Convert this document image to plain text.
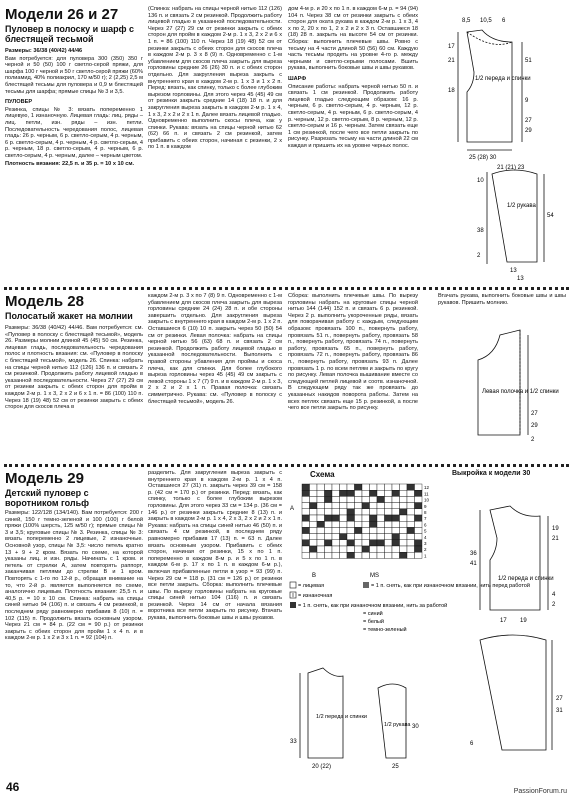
Модели 26 и 27
Пуловер в полоску и шарф с блестящей тесьмой

Размеры: 36/38 (40/42) 44/46

Вам потребуется: для пуловера 300 (350) 350 г черной и 50 (50) 100 г светло-серой пряжи, для шарфа 100 г черной и 50 г светло-серой пряжи (60% полиамид, 40% полиакрил, 170 м/50 г); 2 (2,25) 2,5 м блестящей тесьмы для пуловера и 0,9 м блестящей тесьмы для шарфа; прямые спицы № 3 и 3,5.

ПУЛОВЕР

Резинка, спицы № 3: вязать попеременно 1 лицевую, 1 изнаночную. Лицевая гладь: лиц. ряды – лиц. петли, изн. ряды – изн. петли. Последовательность чередования полос, лицевая гладь: 26 р. черным, 6 р. светло-серым, 4 р. черным, 6 р. светло-серым, 4 р. черным, 4 р. светло-серым, 4 р. черным, 18 р. светло-серым, 4 р. черным, 6 р. светло-серым, 4 р. черным, далее – черным цветом.

Плотность вязания: 22,5 п. и 35 р. = 10 х 10 см.

(Спинка: набрать на спицы черной нитью 112 (126) 136 п. и связать 2 см резинкой. Продолжить работу лицевой гладью в указанной последовательности. Через 27 (27) 29 см от резинки закрыть с обеих сторон для пройм в каждом 2-м р. 1 х 3, 2 х 2 и 6 х 1 п. = 86 (100) 110 п. Через 18 (19) 48) 52 см от резинки закрыть с обеих сторон для скосов плеча в каждом 2-м р. 3 х 8 (9) п. Одновременно с 1-м убавлением для скосов плеча закрыть для выреза горловины средние 26 (26) 30 п. и с обеих сторон отдельно. Для закругления выреза закрыть с внутреннего края в каждом 2-м р. 1 х 3 и 1 х 2 п. Перед: вязать, как спинку, только с более глубоким вырезом горловины. Для этого через 45 (45) 49 см от резинки закрыть средние 14 (18) 18 п. и для закругления выреза закрыть в каждом 2-м р. 1 х 4, 1 х 3, 2 х 2 и 2 х 1 п. Далее вязать лицевой гладью. Одновременно выполнить скосы плеча, как у спинки. Рукава: вязать на спицы черной нитью 62 (62) 66 п. и связать 2 см резинкой, затем прибавить с обеих сторон, начиная с резинки, 2 х по 1 п. в каждом

дом 4-м р. и 20 х по 1 п. в каждом 6-м р. = 94 (94) 104 п. Через 38 см от резинки закрыть с обеих сторон для окатa рукава в каждом 2-м р. 1 х 3, 4 х по 2, 20 х по 1, 2 х 2 и 2 х 3 п. Оставшиеся 18 (18) 28 п. закрыть на высоте 54 см от резинки. Сборка: выполнить плечевые швы. Ровно с тесьму на 4 части длиной 50 (56) 60 см. Каждую часть тесьмы продеть на уровне 4-го р. между черными и светло-серыми полосами. Вшить рукава, выполнить боковые швы и швы рукавов.

ШАРФ

Описание работы: набрать черной нитью 50 п. и связать 1 см резинкой. Продолжить работу лицевой гладью следующим образом: 16 р. черным, 6 р. светло-серым, 4 р. черным, 12 р. светло-серым, 4 р. черным, 6 р. светло-серым, 4 р. черным, 12 р. светло-серым, 8 р. черным, 12 р. светло-серым и 16 р. черным. Затем связать еще 1 см резинкой, после чего все петли закрыть по рисунку. Разрезать тесьму на части длиной 22 см каждая и пришить их на уровне черных полос.

8,5 10,5 6
17
21	51
18
9
27
29
1/2 переда и спинки
25 (28) 30
21 (21) 23
10
54
38
2
13
1/2 рукава
13
Модель 28
Полосатый жакет на молнии

Размеры: 36/38 (40/42) 44/46. Вам потребуется: см. «Пуловер в полоску с блестящей тесьмой», модель 26. Размеры молнии длиной 45 (45) 50 см. Резинка, лицевая гладь, последовательность чередования полос и плотность вязания: см. «Пуловер в полоску с блестящей тесьмой», модель 26. Спинка: набрать на спицы черной нитью 112 (126) 136 п. и связать 2 см резинкой. Продолжить работу лицевой гладью в указанной последовательности. Через 27 (27) 29 см от резинки закрыть с обеих сторон для пройм в каждом 2-м р. 1 х 3, 2 х 2 и 6 х 1 п. = 86 (100) 110 п. Через 18 (19) 48) 52 см от резинки закрыть с обеих сторон для скосов плеча в

каждом 2-м р. 3 х по 7 (8) 9 п. Одновременно с 1-м убавлением для скосов плеча закрыть для выреза горловины средние 24 (24) 28 п. и обе стороны завершить отдельно. Для закругления выреза закрыть с внутреннего края в каждом 2-м р. 1 х 2 п. Оставшиеся 6 (10) 10 п. закрыть через 50 (50) 54 см от резинки. Левая полочка: набрать на спицы черной нитью 56 (63) 68 п. и связать 2 см резинкой. Продолжить работу лицевой гладью в указанной последовательности. Выполнить с правой стороны убавления для проймы и скоса плеча, как для спинки. Для более глубокого выреза горловины через 45 (45) 49 см закрыть с левой стороны 1 х 7 (7) 9 п. и в каждом 2-м р. 1 х 3, 2 х 2 и 2 х 1 п. Правая полочка: связать симметрично. Рукава: см. «Пуловер в полоску с блестящей тесьмой», модель 26.

Сборка: выполнить плечевые швы. По вырезу горловины набрать на круговые спицы черной нитью 144 (144) 152 п. и связать 6 р. резинкой. Через 2 р. выполнить укороченные ряды, вязать для поворачивая работу с каждым, следующим образом: провязать 100 п., повернуть работу, провязать 51 п., повернуть работу, провязать 58 п., повернуть работу, провязать 74 п., повернуть работу, провязать 65 п., повернуть работу, провязать 72 п., повернуть работу, провязать 86 п., повернуть работу, провязать 93 п. Далее провязать 1 р. по всем петлям и закрыть по кругу по рисунку. Левая полочка вышивание вместе со следующей петлей лицевой и соотв. изнаночной. В следующем ряду так же провязать до указанных накидов поворота работы. Затем на всех петлях связать еще 15 р. резинкой, а после чего все петли закрыть по рисунку.

Втачать рукава, выполнить боковые швы и швы рукавов. Пришить молнию.

Левая полочка и 1/2 спинки
27
29
2
Модель 29
Детский пуловер с воротником гольф

Размеры: 122/128 (134/140). Вам потребуется: 200 г синей, 150 г темно-зеленой и 100 (100) г белой пряжи (100% шерсть, 125 м/50 г); прямые спицы № 3 и 3,5; круговые спицы № 3. Резинка, спицы № 3: вязать попеременно 2 лицевые, 2 изнаночные. Основной узор, спицы № 3,5: число петель кратно 13 + 9 + 2 кром. Вязать по схеме, на которой указаны лиц. и изн. ряды. Начинать с 1 кром. и петель от стрелки А, затем повторять раппорт, заканчивая петлями до стрелки В и 1 кром. Повторять с 1-го по 12-й р., обращая внимание на то, что 2-й р. является выполняется по схеме, аналогично лицевым. Плотность вязания: 25,5 п. и 40,5 р. = 10 х 10 см. Спинка: набрать на спицы синей нитью 94 (106) п. и связать 4 см резинкой, в последнем ряду равномерно прибавив 8 (10) п. = 102 (115) п. Продолжить вязать основным узором. Через 21 см = 84 р. (22 см = 90 р.) от резинки закрыть с обеих сторон для пройм 1 х 4 п. и в каждом 2-м р. 1 х 2 и 3 х 1 п. = 92 (104) п.

разделить. Для закругления выреза закрыть с внутреннего края в каждом 2-м р. 1 х 4 п. Оставшиеся 27 (31) п. закрыть через 39 см = 158 р. (42 см = 170 р.) от резинки. Перед: вязать, как спинку, только с более глубоким вырезом горловины. Для этого через 33 см = 134 р. (36 см = 146 р.) от резинки закрыть средние 8 (13) п. и закрыть в каждом 2-м р. 1 х 4, 2 х 3, 2 х 2 и 2 х 1 п. Рукава: набрать на спицы синей нитью 46 (50) п. и связать 4 см резинкой, в последнем ряду равномерно прибавив 17 (13) п. = 63 п. Далее вязать основным узором. Прибавить с обеих сторон, начиная от резинки, 15 х по 1 п. попеременно в каждом 8-м р. и 5 х по 1 п. в каждом 6-м р. 17 х по 1 п. в каждом 6-м р.), включая прибавленные петли в узор = 93 (99) п. Через 29 см = 118 р. (31 см = 126 р.) от резинки все петли закрыть. Сборка: выполнить плечевые швы. По вырезу горловины набрать на круговые спицы синей нитью 104 (116) п. и связать резинкой. Через 14 см от начала вязания воротника все петли закрыть по рисунку. Втачать рукава, выполнить боковые швы и швы рукавов.

Схема
1
2
3
4
5
6
7
8
9
10
11
12
A
B	MS
= лицевая
= изнаночная
= 1 п. снять, как при изнаночном вязании, нить за работой
= 1 п. снять, как при изнаночном вязании, нить перед работой
= синий
= белый
= темно-зеленый
1/2 переда и спинки
1/2 рукава
33
30
20 (22)	25
Выкройка к модели 30
1/2 переда и спинки
19
21
36
41
17 19
4
2
27
6
31
46	PassionForum.ru
